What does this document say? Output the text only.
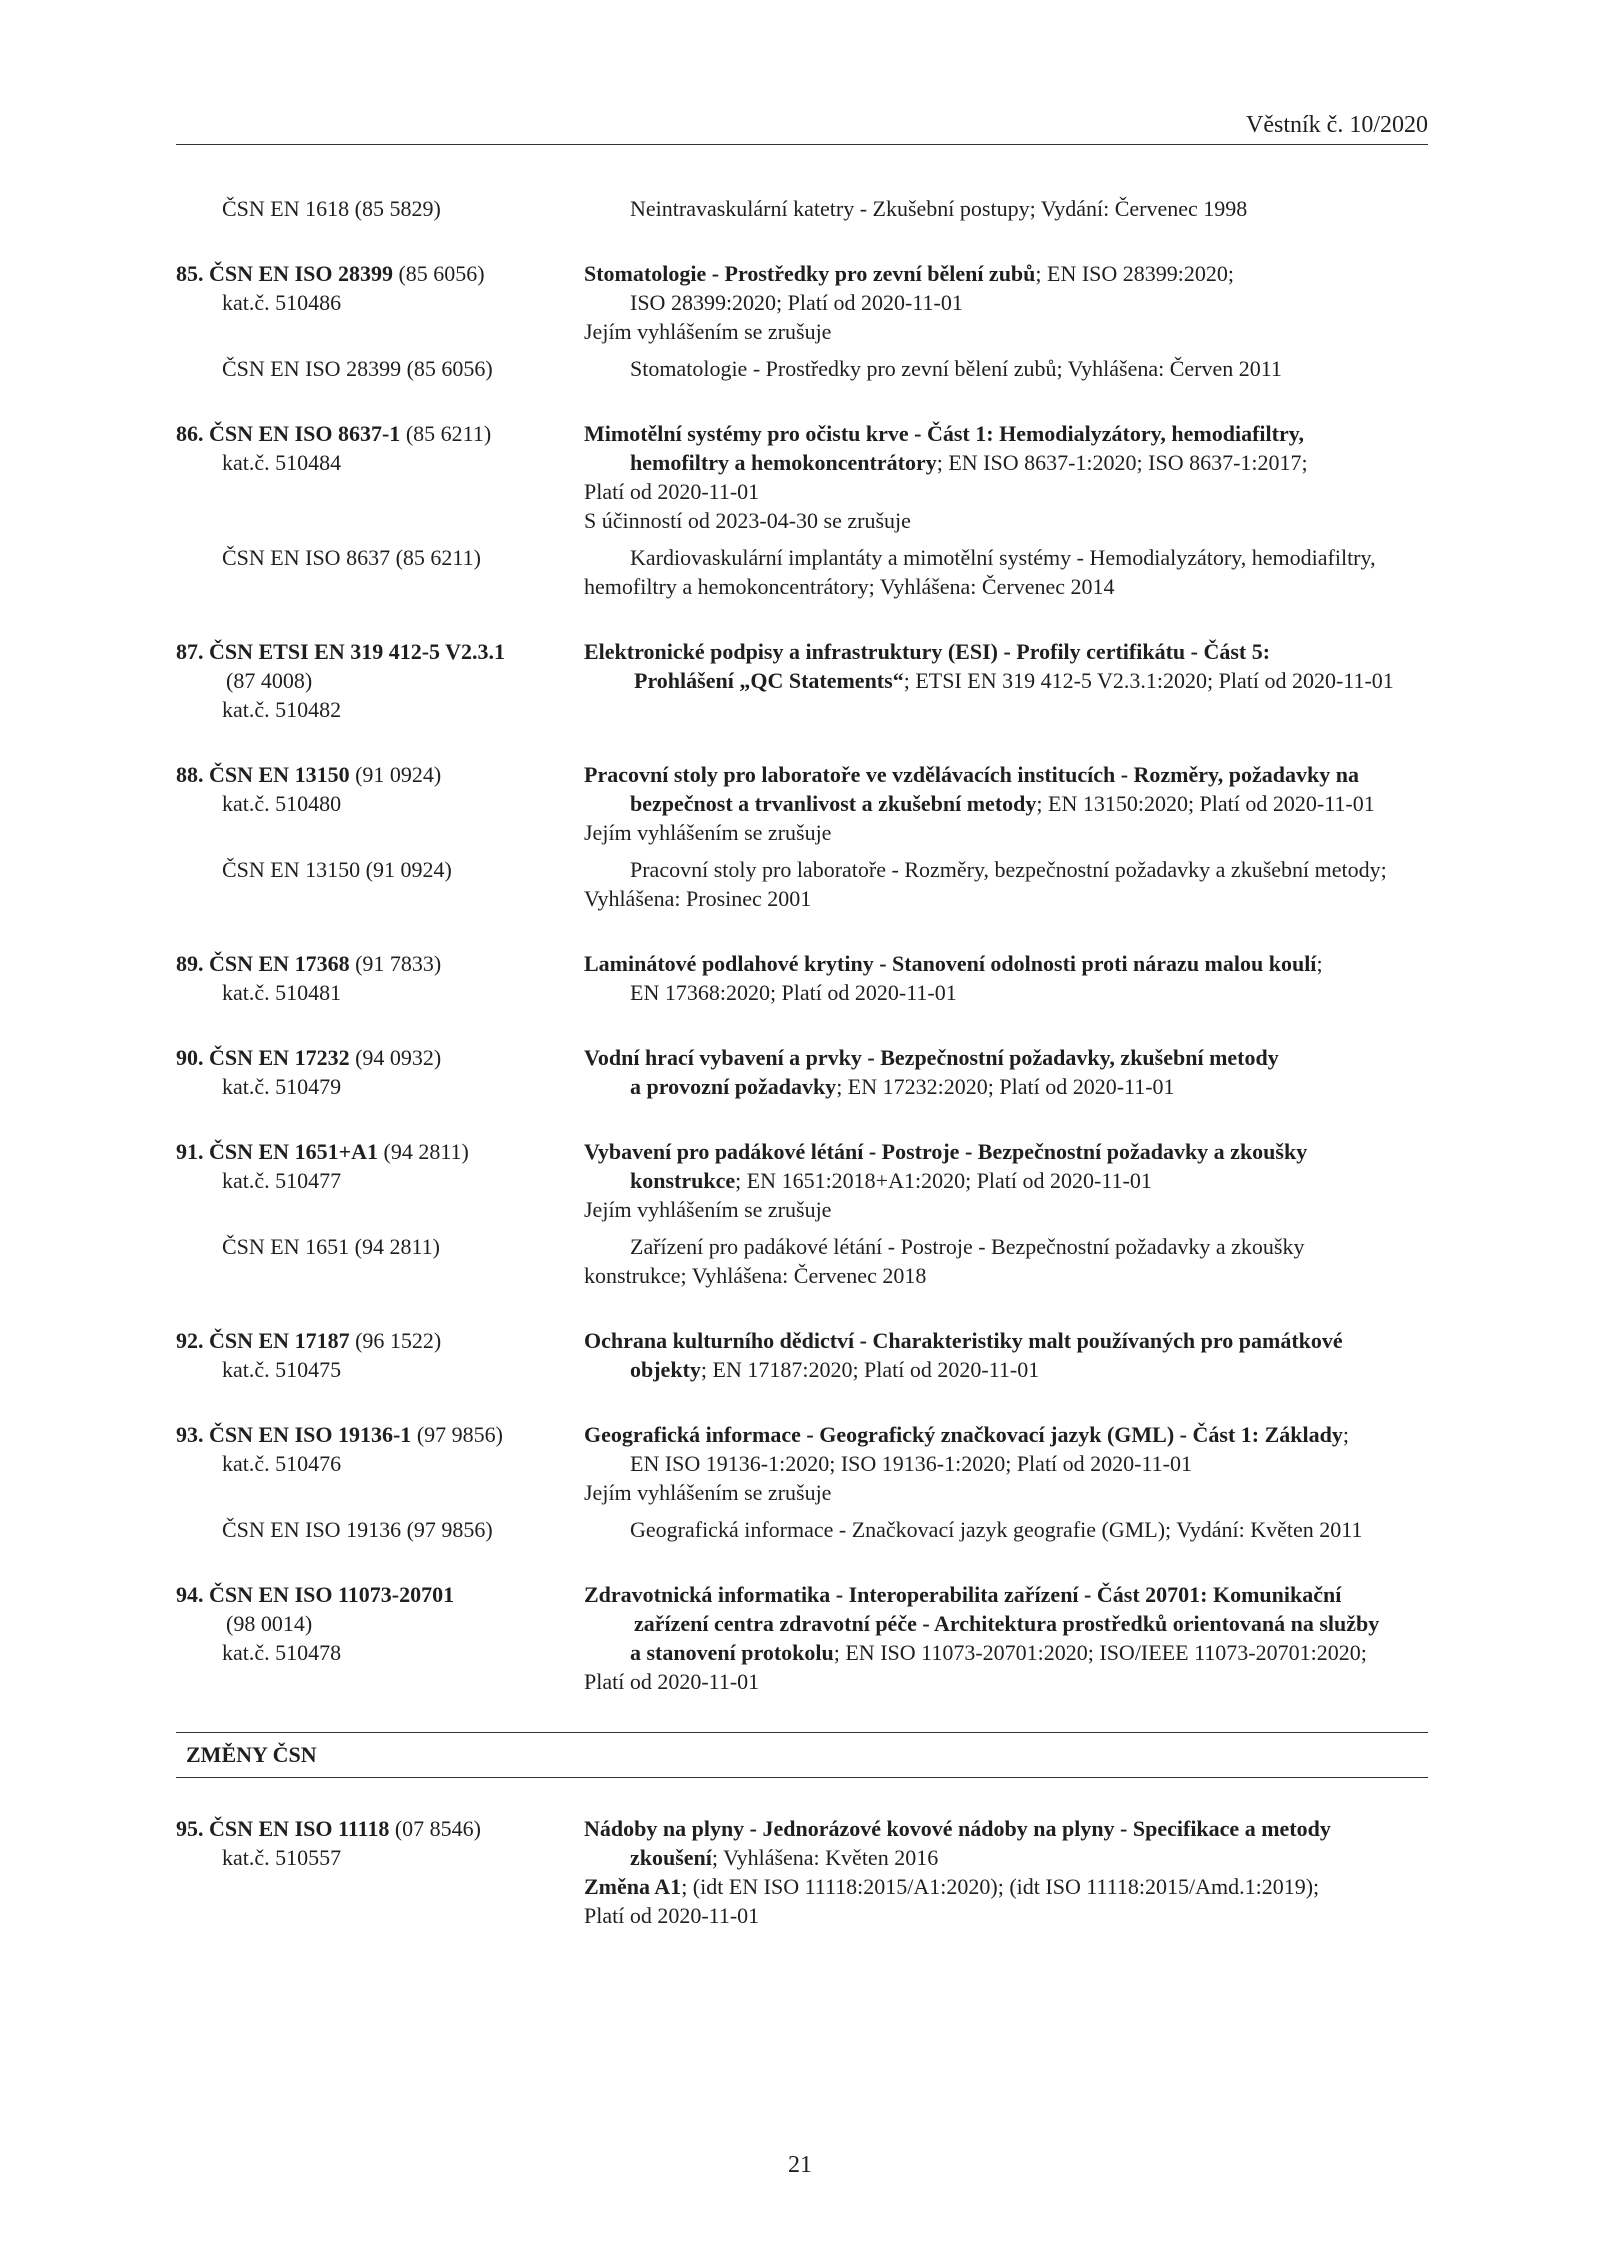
Věstník č. 10/2020
ČSN EN 1618 (85 5829)	Neintravaskulární katetry - Zkušební postupy; Vydání: Červenec 1998
85. ČSN EN ISO 28399 (85 6056)	Stomatologie - Prostředky pro zevní bělení zubů; EN ISO 28399:2020;
kat.č. 510486	ISO 28399:2020; Platí od 2020-11-01
Jejím vyhlášením se zrušuje
ČSN EN ISO 28399 (85 6056)	Stomatologie - Prostředky pro zevní bělení zubů; Vyhlášena: Červen 2011
86. ČSN EN ISO 8637-1 (85 6211)	Mimotělní systémy pro očistu krve - Část 1: Hemodialyzátory, hemodiafiltry,
kat.č. 510484	hemofiltry a hemokoncentrátory; EN ISO 8637-1:2020; ISO 8637-1:2017;
Platí od 2020-11-01
S účinností od 2023-04-30 se zrušuje
ČSN EN ISO 8637 (85 6211)	Kardiovaskulární implantáty a mimotělní systémy - Hemodialyzátory, hemodiafiltry,
hemofiltry a hemokoncentrátory; Vyhlášena: Červenec 2014
87. ČSN ETSI EN 319 412-5 V2.3.1	Elektronické podpisy a infrastruktury (ESI) - Profily certifikátu - Část 5:
(87 4008)	Prohlášení „QC Statements“; ETSI EN 319 412-5 V2.3.1:2020; Platí od 2020-11-01
kat.č. 510482
88. ČSN EN 13150 (91 0924)	Pracovní stoly pro laboratoře ve vzdělávacích institucích - Rozměry, požadavky na
kat.č. 510480	bezpečnost a trvanlivost a zkušební metody; EN 13150:2020; Platí od 2020-11-01
Jejím vyhlášením se zrušuje
ČSN EN 13150 (91 0924)	Pracovní stoly pro laboratoře - Rozměry, bezpečnostní požadavky a zkušební metody;
Vyhlášena: Prosinec 2001
89. ČSN EN 17368 (91 7833)	Laminátové podlahové krytiny - Stanovení odolnosti proti nárazu malou koulí;
kat.č. 510481	EN 17368:2020; Platí od 2020-11-01
90. ČSN EN 17232 (94 0932)	Vodní hrací vybavení a prvky - Bezpečnostní požadavky, zkušební metody
kat.č. 510479	a provozní požadavky; EN 17232:2020; Platí od 2020-11-01
91. ČSN EN 1651+A1 (94 2811)	Vybavení pro padákové létání - Postroje - Bezpečnostní požadavky a zkoušky
kat.č. 510477	konstrukce; EN 1651:2018+A1:2020; Platí od 2020-11-01
Jejím vyhlášením se zrušuje
ČSN EN 1651 (94 2811)	Zařízení pro padákové létání - Postroje - Bezpečnostní požadavky a zkoušky
konstrukce; Vyhlášena: Červenec 2018
92. ČSN EN 17187 (96 1522)	Ochrana kulturního dědictví - Charakteristiky malt používaných pro památkové
kat.č. 510475	objekty; EN 17187:2020; Platí od 2020-11-01
93. ČSN EN ISO 19136-1 (97 9856)	Geografická informace - Geografický značkovací jazyk (GML) - Část 1: Základy;
kat.č. 510476	EN ISO 19136-1:2020; ISO 19136-1:2020; Platí od 2020-11-01
Jejím vyhlášením se zrušuje
ČSN EN ISO 19136 (97 9856)	Geografická informace - Značkovací jazyk geografie (GML); Vydání: Květen 2011
94. ČSN EN ISO 11073-20701	Zdravotnická informatika - Interoperabilita zařízení - Část 20701: Komunikační
(98 0014)	zařízení centra zdravotní péče - Architektura prostředků orientovaná na služby
kat.č. 510478	a stanovení protokolu; EN ISO 11073-20701:2020; ISO/IEEE 11073-20701:2020;
Platí od 2020-11-01
ZMĚNY ČSN
95. ČSN EN ISO 11118 (07 8546)	Nádoby na plyny - Jednorázové kovové nádoby na plyny - Specifikace a metody
kat.č. 510557	zkoušení; Vyhlášena: Květen 2016
Změna A1; (idt EN ISO 11118:2015/A1:2020); (idt ISO 11118:2015/Amd.1:2019);
Platí od 2020-11-01
21
